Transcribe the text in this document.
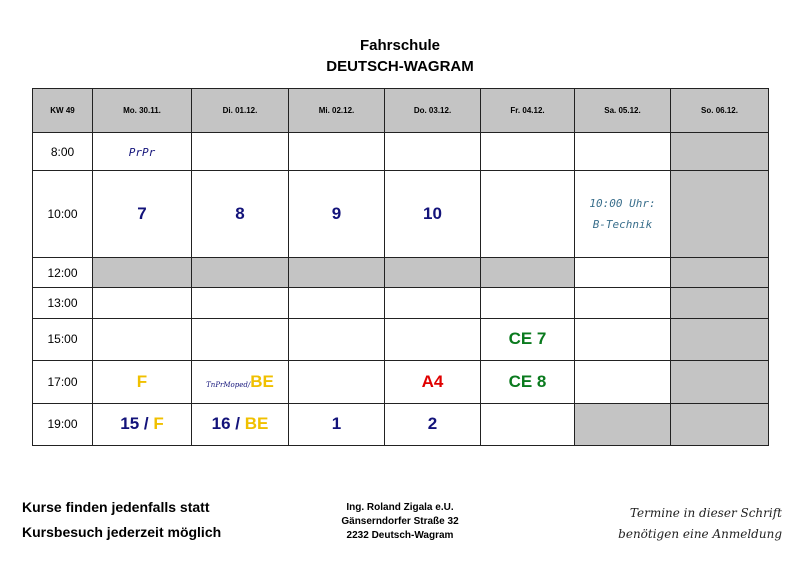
Fahrschule
DEUTSCH-WAGRAM
KW 49	Mo. 30.11.	Di. 01.12.	Mi. 02.12.	Do. 03.12.	Fr. 04.12.	Sa. 05.12.	So. 06.12.
8:00	PrPr						
10:00	7	8	9	10		10:00 Uhr:
B-Technik	

12:00							
13:00							
15:00					CE 7		
17:00	F	TnPrMoped/BE		A4	CE 8		
19:00	15 / F	16 / BE	1	2			
Kurse finden jedenfalls statt
Kursbesuch jederzeit möglich
Ing. Roland Zigala e.U.
Gänserndorfer Straße 32
2232 Deutsch-Wagram
Termine in dieser Schrift
benötigen eine Anmeldung
